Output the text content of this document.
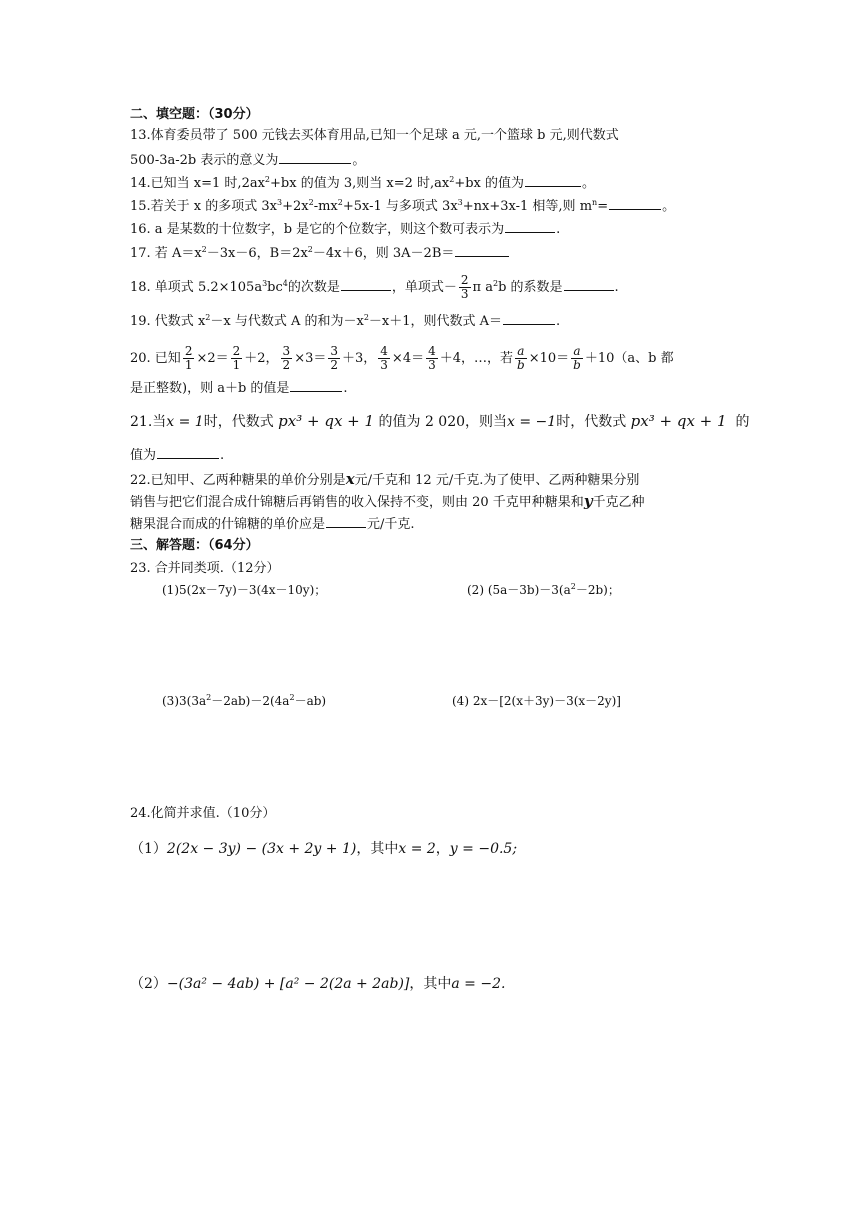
二、填空题：（30分）
13.体育委员带了 500 元钱去买体育用品,已知一个足球 a 元,一个篮球 b 元,则代数式
500-3a-2b 表示的意义为	。
14.已知当 x=1 时$,2ax^2+bx$ 的值为 3,则当 x=2 时$,ax^2+bx$ 的值为	。
15.若关于 x 的多项式 $3x^3+2x^2-mx^2+5x-1$ 与多项式 $3x^3+nx+3x-1$ 相等,则 $m^n=$	。
16. a 是某数的十位数字，b 是它的个位数字，则这个数可表示为	.
17. 若 $A=x^2-3x-6$，$B=2x^2-4x+6$，则 3A－2B＝
18. 单项式 $5.2\times 105a^3bc^4$的次数是	，单项式－ $\frac{2}{3}$ π $a^2b$ 的系数是	.
19. 代数式 $x^2-x$ 与代数式 A 的和为$-x^2-x+1$，则代数式 A＝	.
20. 已知 $\frac{2}{1} \times 2= \frac{2}{1} +2$， $\frac{3}{2} \times 3= \frac{3}{2} +3$， $\frac{4}{3} \times 4= \frac{4}{3} +4$，…，若 $\frac{a}{b} \times 10= \frac{a}{b} +10(a$、b 都
是正整数)，则 a＋b 的值是	.
21.当x = 1时，代数式 px³ + qx + 1 的值为 2 020，则当x = −1时，代数式 px³ + qx + 1 的
值为	.
22.已知甲、乙两种糖果的单价分别是x元/千克和 12 元/千克.为了使甲、乙两种糖果分别
销售与把它们混合成什锦糖后再销售的收入保持不变，则由 20 千克甲种糖果和y千克乙种
糖果混合而成的什锦糖的单价应是	元/千克.
三、解答题：（64分）
23. 合并同类项.（12分）
(1)5(2x－7y)－3(4x－10y)；	(2) $(5a-3b)-3(a^2-2b)$；
$(3)3(3a^2-2ab)-2(4a^2-ab)$	(4) 2x－[2(x＋3y)－3(x－2y)]
24.化简并求值.（10分）
（1）2(2x − 3y) − (3x + 2y + 1)，其中x = 2，y = −0.5;
（2）−(3a² − 4ab) + [a² − 2(2a + 2ab)]，其中a = −2.
